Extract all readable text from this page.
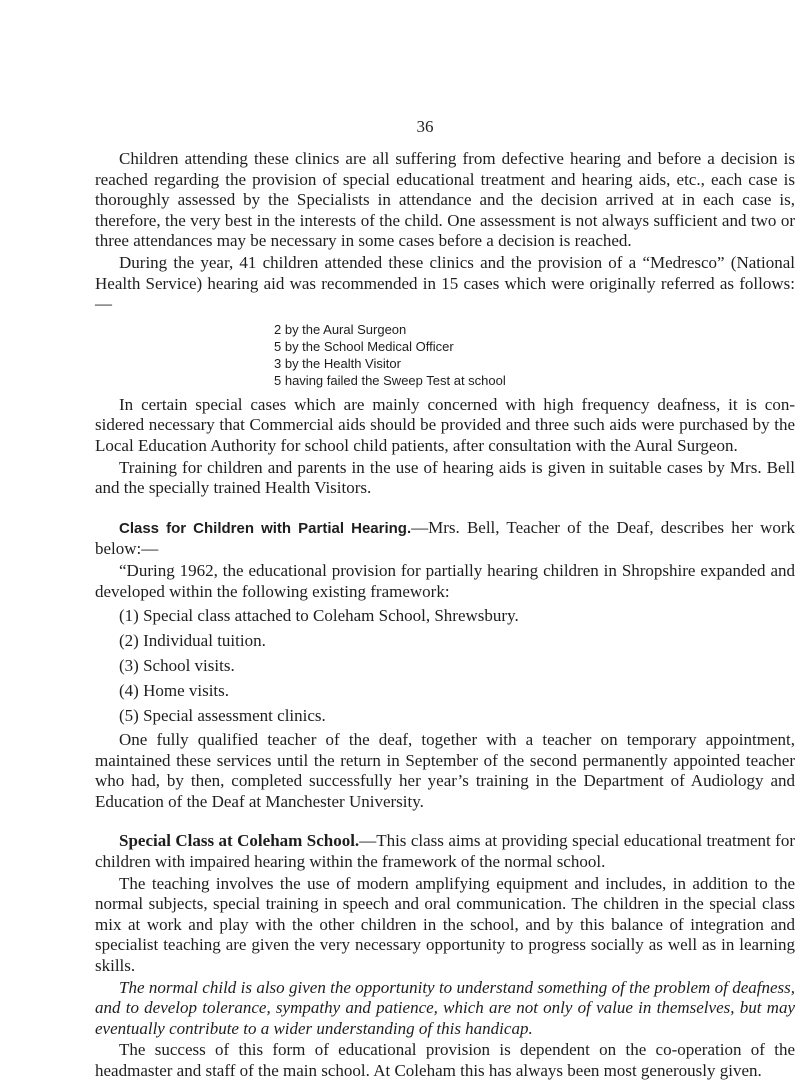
36

Children attending these clinics are all suffering from defective hearing and before a decision is reached regarding the provision of special educational treatment and hearing aids, etc., each case is thoroughly assessed by the Specialists in attendance and the decision arrived at in each case is, therefore, the very best in the interests of the child. One assessment is not always sufficient and two or three attendances may be necessary in some cases before a decision is reached.

During the year, 41 children attended these clinics and the provision of a “Medresco” (National Health Service) hearing aid was recommended in 15 cases which were originally referred as follows:—

2 by the Aural Surgeon
5 by the School Medical Officer
3 by the Health Visitor
5 having failed the Sweep Test at school

In certain special cases which are mainly concerned with high frequency deafness, it is con- sidered necessary that Commercial aids should be provided and three such aids were purchased by the Local Education Authority for school child patients, after consultation with the Aural Surgeon.

Training for children and parents in the use of hearing aids is given in suitable cases by Mrs. Bell and the specially trained Health Visitors.

Class for Children with Partial Hearing.—Mrs. Bell, Teacher of the Deaf, describes her work below:—

“During 1962, the educational provision for partially hearing children in Shropshire expanded and developed within the following existing framework:

(1) Special class attached to Coleham School, Shrewsbury.
(2) Individual tuition.
(3) School visits.
(4) Home visits.
(5) Special assessment clinics.

One fully qualified teacher of the deaf, together with a teacher on temporary appointment, maintained these services until the return in September of the second permanently appointed teacher who had, by then, completed successfully her year’s training in the Department of Audiology and Education of the Deaf at Manchester University.

Special Class at Coleham School.—This class aims at providing special educational treatment for children with impaired hearing within the framework of the normal school.

The teaching involves the use of modern amplifying equipment and includes, in addition to the normal subjects, special training in speech and oral communication. The children in the special class mix at work and play with the other children in the school, and by this balance of integration and specialist teaching are given the very necessary opportunity to progress socially as well as in learning skills.

The normal child is also given the opportunity to understand something of the problem of deafness, and to develop tolerance, sympathy and patience, which are not only of value in themselves, but may eventually contribute to a wider understanding of this handicap.

The success of this form of educational provision is dependent on the co-operation of the headmaster and staff of the main school. At Coleham this has always been most generously given.
